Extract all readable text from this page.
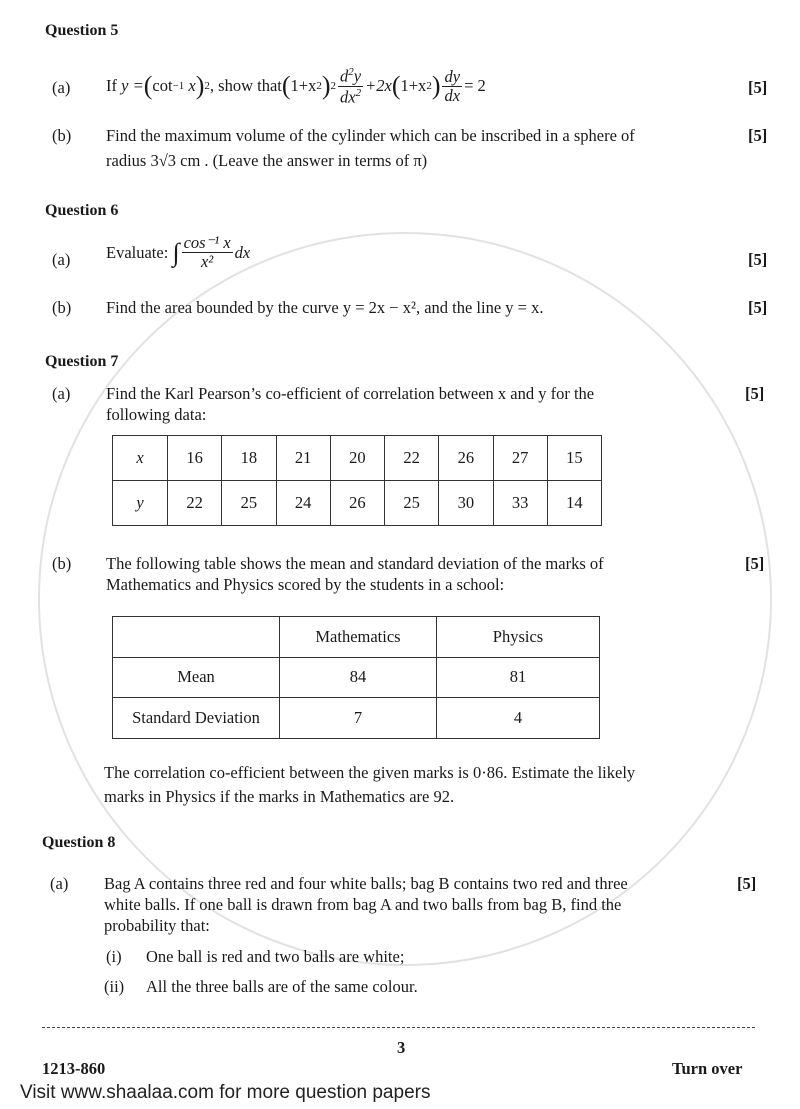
Question 5
(a) If
y = ( cot −1
x ) 2 , show that ( 1+x 2 ) $2 \frac{d^2y}{dx^2} +2x$ ( 1+x 2 ) $\frac{dy}{dx} = 2$	[5]
(b) Find the maximum volume of the cylinder which can be inscribed in a sphere of
radius 3√3 cm . (Leave the answer in terms of π)
[5]
Question 6
(a) Evaluate:
∫ $\frac{\text{cos⁻¹ x}}{\text{x²}}$ dx	[5]
(b) Find the area bounded by the curve y = 2x − x², and the line y = x.	[5]
Question 7
(a) Find the Karl Pearson’s co-efficient of correlation between x and y for the
following data:
[5]
x	16	18	21	20	22	26	27	15
y	22	25	24	26	25	30	33	14
(b) The following table shows the mean and standard deviation of the marks of
Mathematics and Physics scored by the students in a school:
[5]
	Mathematics	Physics
Mean	84	81
Standard Deviation	7	4
The correlation co-efficient between the given marks is 0·86. Estimate the likely
marks in Physics if the marks in Mathematics are 92.
Question 8
(a) Bag A contains three red and four white balls; bag B contains two red and three
white balls. If one ball is drawn from bag A and two balls from bag B, find the
probability that:
[5]
(i) One ball is red and two balls are white;
(ii) All the three balls are of the same colour.
3
1213-860	Turn over
Visit www.shaalaa.com for more question papers
